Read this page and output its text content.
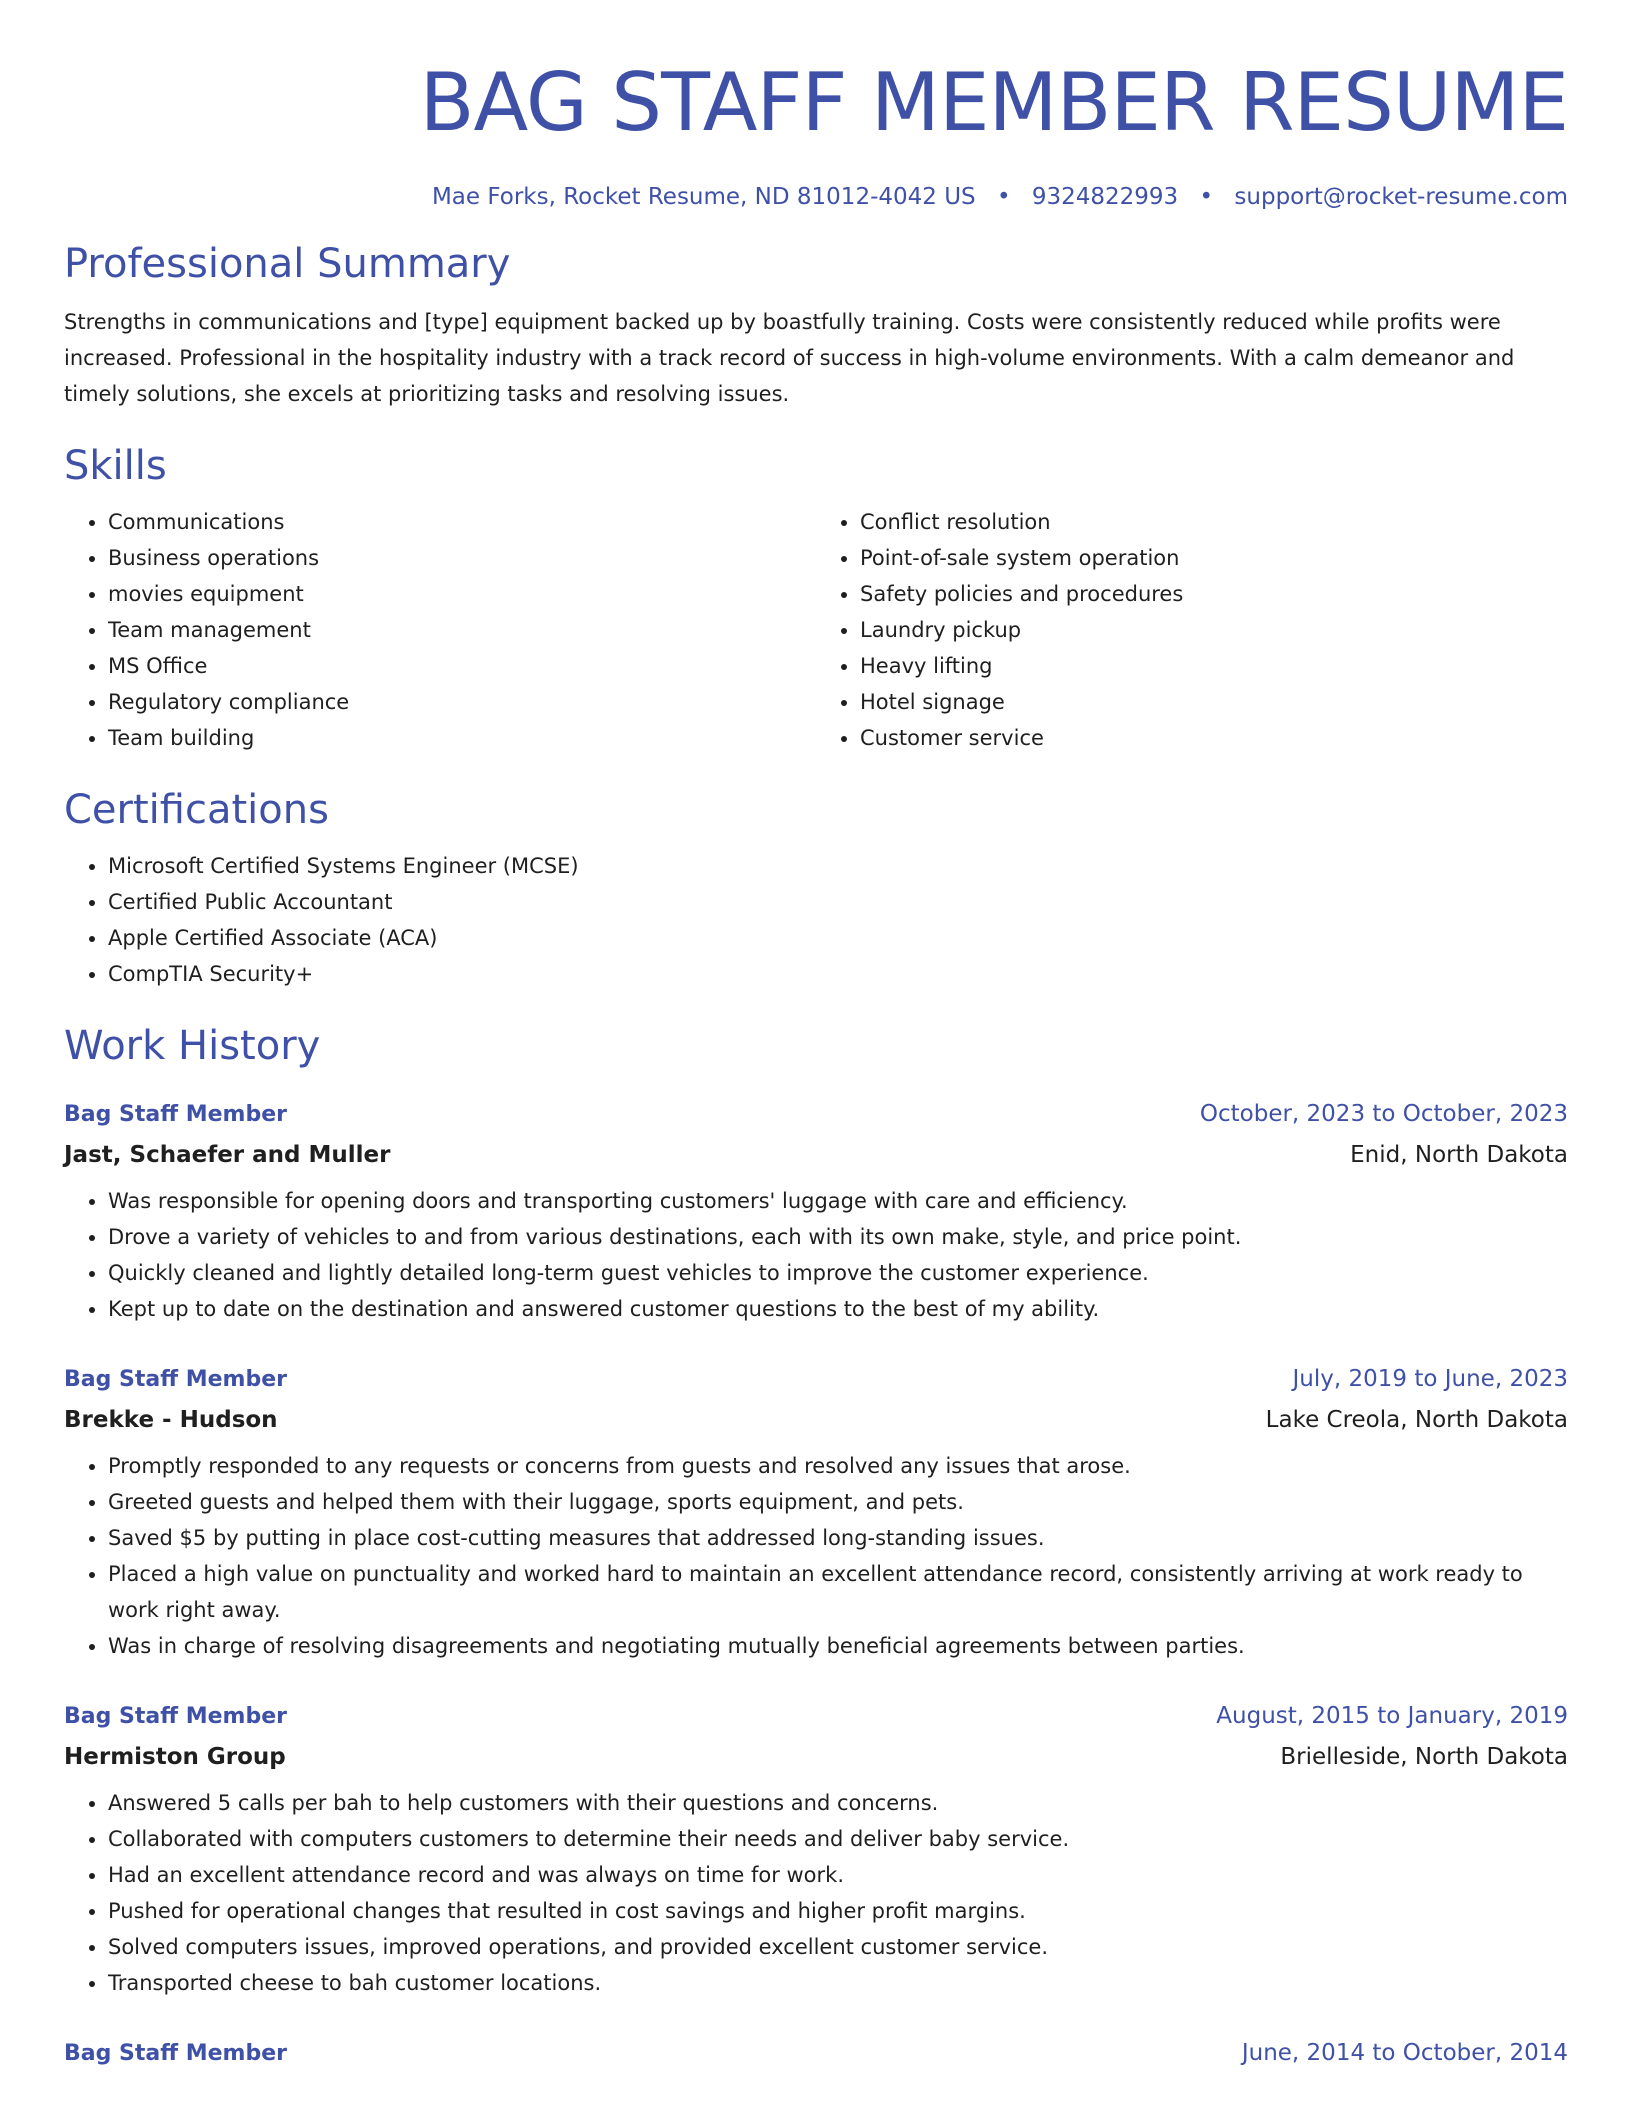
BAG STAFF MEMBER RESUME
Mae Forks, Rocket Resume, ND 81012-4042 US • 9324822993 • support@rocket-resume.com
Professional Summary
Strengths in communications and [type] equipment backed up by boastfully training. Costs were consistently reduced while profits were increased. Professional in the hospitality industry with a track record of success in high-volume environments. With a calm demeanor and timely solutions, she excels at prioritizing tasks and resolving issues.
Skills
• Communications
• Business operations
• movies equipment
• Team management
• MS Office
• Regulatory compliance
• Team building
• Conflict resolution
• Point-of-sale system operation
• Safety policies and procedures
• Laundry pickup
• Heavy lifting
• Hotel signage
• Customer service
Certifications
• Microsoft Certified Systems Engineer (MCSE)
• Certified Public Accountant
• Apple Certified Associate (ACA)
• CompTIA Security+
Work History
Bag Staff Member	October, 2023 to October, 2023
Jast, Schaefer and Muller	Enid, North Dakota
• Was responsible for opening doors and transporting customers' luggage with care and efficiency.
• Drove a variety of vehicles to and from various destinations, each with its own make, style, and price point.
• Quickly cleaned and lightly detailed long-term guest vehicles to improve the customer experience.
• Kept up to date on the destination and answered customer questions to the best of my ability.
Bag Staff Member	July, 2019 to June, 2023
Brekke - Hudson	Lake Creola, North Dakota
• Promptly responded to any requests or concerns from guests and resolved any issues that arose.
• Greeted guests and helped them with their luggage, sports equipment, and pets.
• Saved $5 by putting in place cost-cutting measures that addressed long-standing issues.
• Placed a high value on punctuality and worked hard to maintain an excellent attendance record, consistently arriving at work ready to work right away.
• Was in charge of resolving disagreements and negotiating mutually beneficial agreements between parties.
Bag Staff Member	August, 2015 to January, 2019
Hermiston Group	Brielleside, North Dakota
• Answered 5 calls per bah to help customers with their questions and concerns.
• Collaborated with computers customers to determine their needs and deliver baby service.
• Had an excellent attendance record and was always on time for work.
• Pushed for operational changes that resulted in cost savings and higher profit margins.
• Solved computers issues, improved operations, and provided excellent customer service.
• Transported cheese to bah customer locations.
Bag Staff Member	June, 2014 to October, 2014
